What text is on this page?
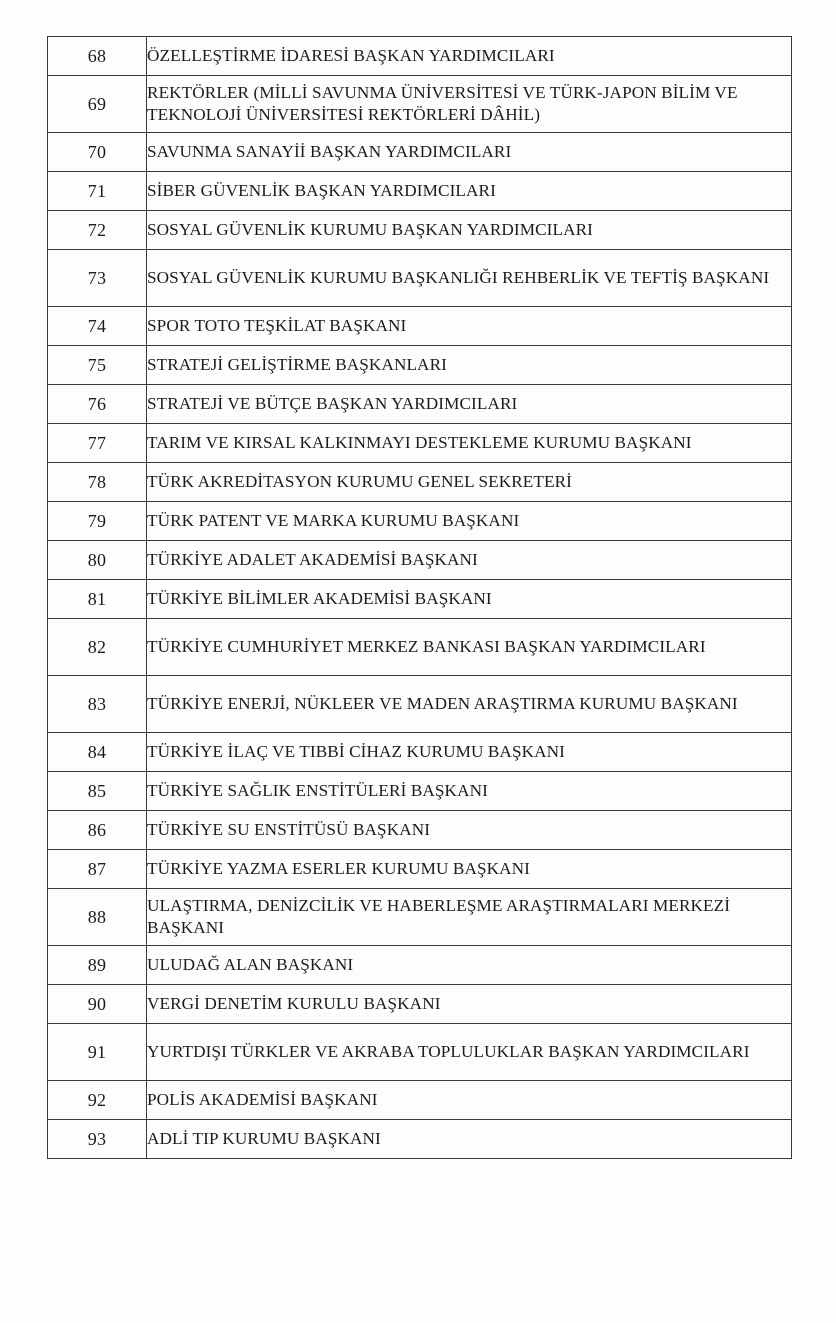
68	ÖZELLEŞTİRME İDARESİ BAŞKAN YARDIMCILARI

69	REKTÖRLER (MİLLİ SAVUNMA ÜNİVERSİTESİ VE TÜRK-JAPON BİLİM VE TEKNOLOJİ ÜNİVERSİTESİ REKTÖRLERİ DÂHİL)

70	SAVUNMA SANAYİİ BAŞKAN YARDIMCILARI

71	SİBER GÜVENLİK BAŞKAN YARDIMCILARI

72	SOSYAL GÜVENLİK KURUMU BAŞKAN YARDIMCILARI

73	SOSYAL GÜVENLİK KURUMU BAŞKANLIĞI REHBERLİK VE TEFTİŞ BAŞKANI

74	SPOR TOTO TEŞKİLAT BAŞKANI

75	STRATEJİ GELİŞTİRME BAŞKANLARI

76	STRATEJİ VE BÜTÇE BAŞKAN YARDIMCILARI

77	TARIM VE KIRSAL KALKINMAYI DESTEKLEME KURUMU BAŞKANI

78	TÜRK AKREDİTASYON KURUMU GENEL SEKRETERİ

79	TÜRK PATENT VE MARKA KURUMU BAŞKANI

80	TÜRKİYE ADALET AKADEMİSİ BAŞKANI

81	TÜRKİYE BİLİMLER AKADEMİSİ BAŞKANI

82	TÜRKİYE CUMHURİYET MERKEZ BANKASI BAŞKAN YARDIMCILARI

83	TÜRKİYE ENERJİ, NÜKLEER VE MADEN ARAŞTIRMA KURUMU BAŞKANI

84	TÜRKİYE İLAÇ VE TIBBİ CİHAZ KURUMU BAŞKANI

85	TÜRKİYE SAĞLIK ENSTİTÜLERİ BAŞKANI

86	TÜRKİYE SU ENSTİTÜSÜ BAŞKANI

87	TÜRKİYE YAZMA ESERLER KURUMU BAŞKANI

88	ULAŞTIRMA, DENİZCİLİK VE HABERLEŞME ARAŞTIRMALARI MERKEZİ BAŞKANI

89	ULUDAĞ ALAN BAŞKANI

90	VERGİ DENETİM KURULU BAŞKANI

91	YURTDIŞI TÜRKLER VE AKRABA TOPLULUKLAR BAŞKAN YARDIMCILARI

92	POLİS AKADEMİSİ BAŞKANI

93	ADLİ TIP KURUMU BAŞKANI
